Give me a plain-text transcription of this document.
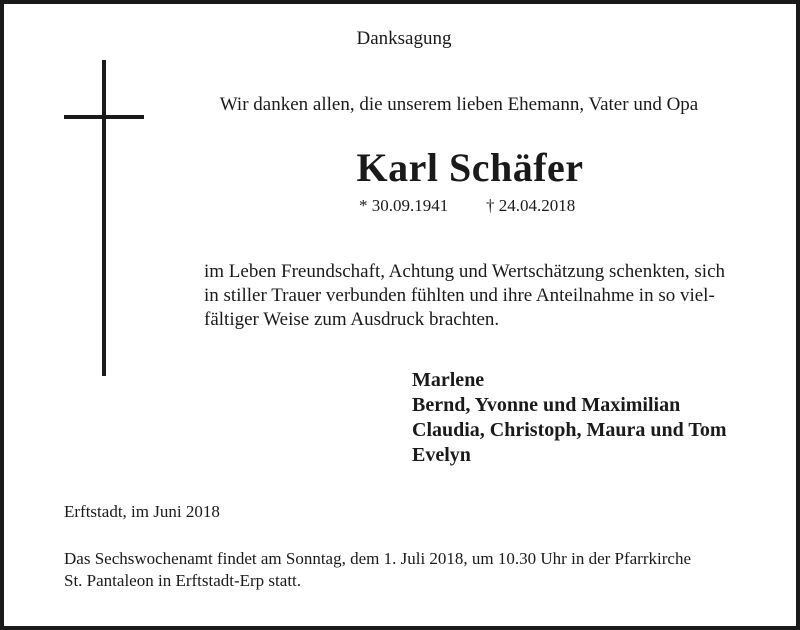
Danksagung
Wir danken allen, die unserem lieben Ehemann, Vater und Opa
Karl Schäfer
* 30.09.1941 † 24.04.2018
im Leben Freundschaft, Achtung und Wertschätzung schenkten, sich
in stiller Trauer verbunden fühlten und ihre Anteilnahme in so viel-
fältiger Weise zum Ausdruck brachten.
Marlene
Bernd, Yvonne und Maximilian
Claudia, Christoph, Maura und Tom
Evelyn
Erftstadt, im Juni 2018
Das Sechswochenamt findet am Sonntag, dem 1. Juli 2018, um 10.30 Uhr in der Pfarrkirche
St. Pantaleon in Erftstadt-Erp statt.
